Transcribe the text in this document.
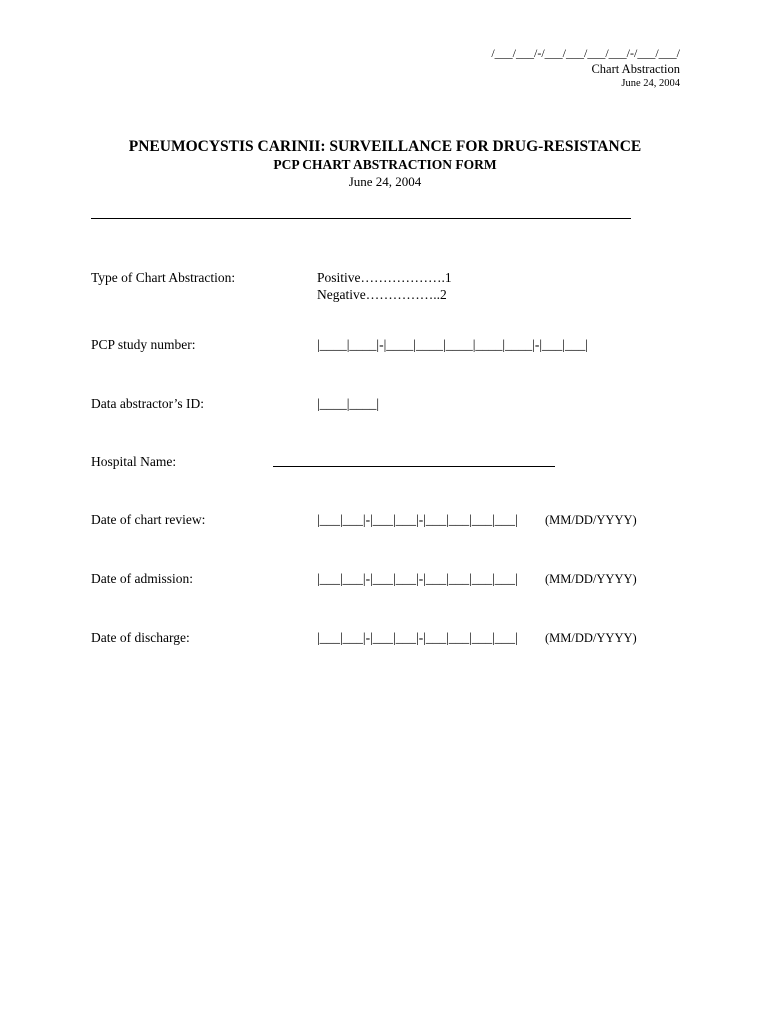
/___/___/-/___/___/___/___/-/___/___/
Chart Abstraction
June 24, 2004
PNEUMOCYSTIS CARINII: SURVEILLANCE FOR DRUG-RESISTANCE
PCP CHART ABSTRACTION FORM
June 24, 2004
Type of Chart Abstraction:	Positive……………….1
Negative……………..2
PCP study number:	|____|____|-|____|____|____|____|____|-|___|___|
Data abstractor’s ID:	|____|____|
Hospital Name:
Date of chart review:	|___|___|-|___|___|-|___|___|___|___| (MM/DD/YYYY)
Date of admission:	|___|___|-|___|___|-|___|___|___|___| (MM/DD/YYYY)
Date of discharge:	|___|___|-|___|___|-|___|___|___|___| (MM/DD/YYYY)
